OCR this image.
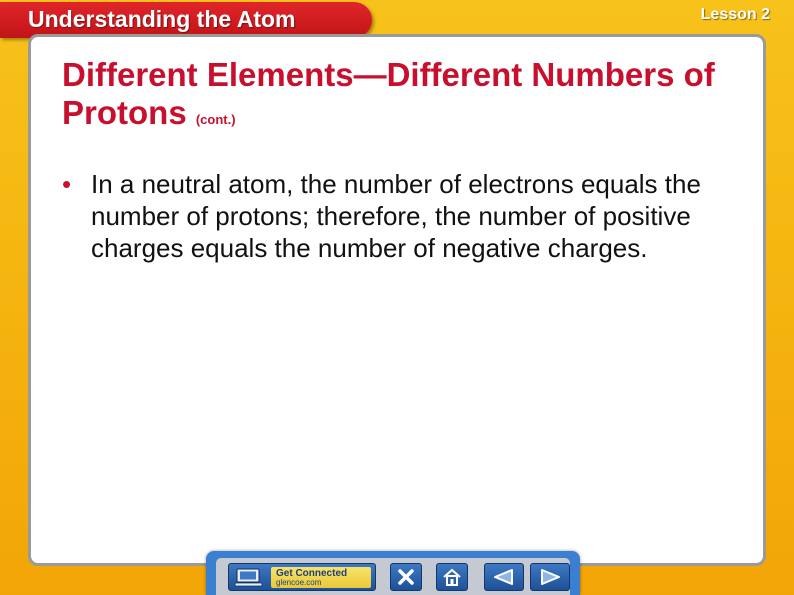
Understanding the Atom	Lesson 2
Different Elements—Different Numbers of Protons (cont.)
• In a neutral atom, the number of electrons equals the number of protons; therefore, the number of positive charges equals the number of negative charges.
Get Connected
glencoe.com
